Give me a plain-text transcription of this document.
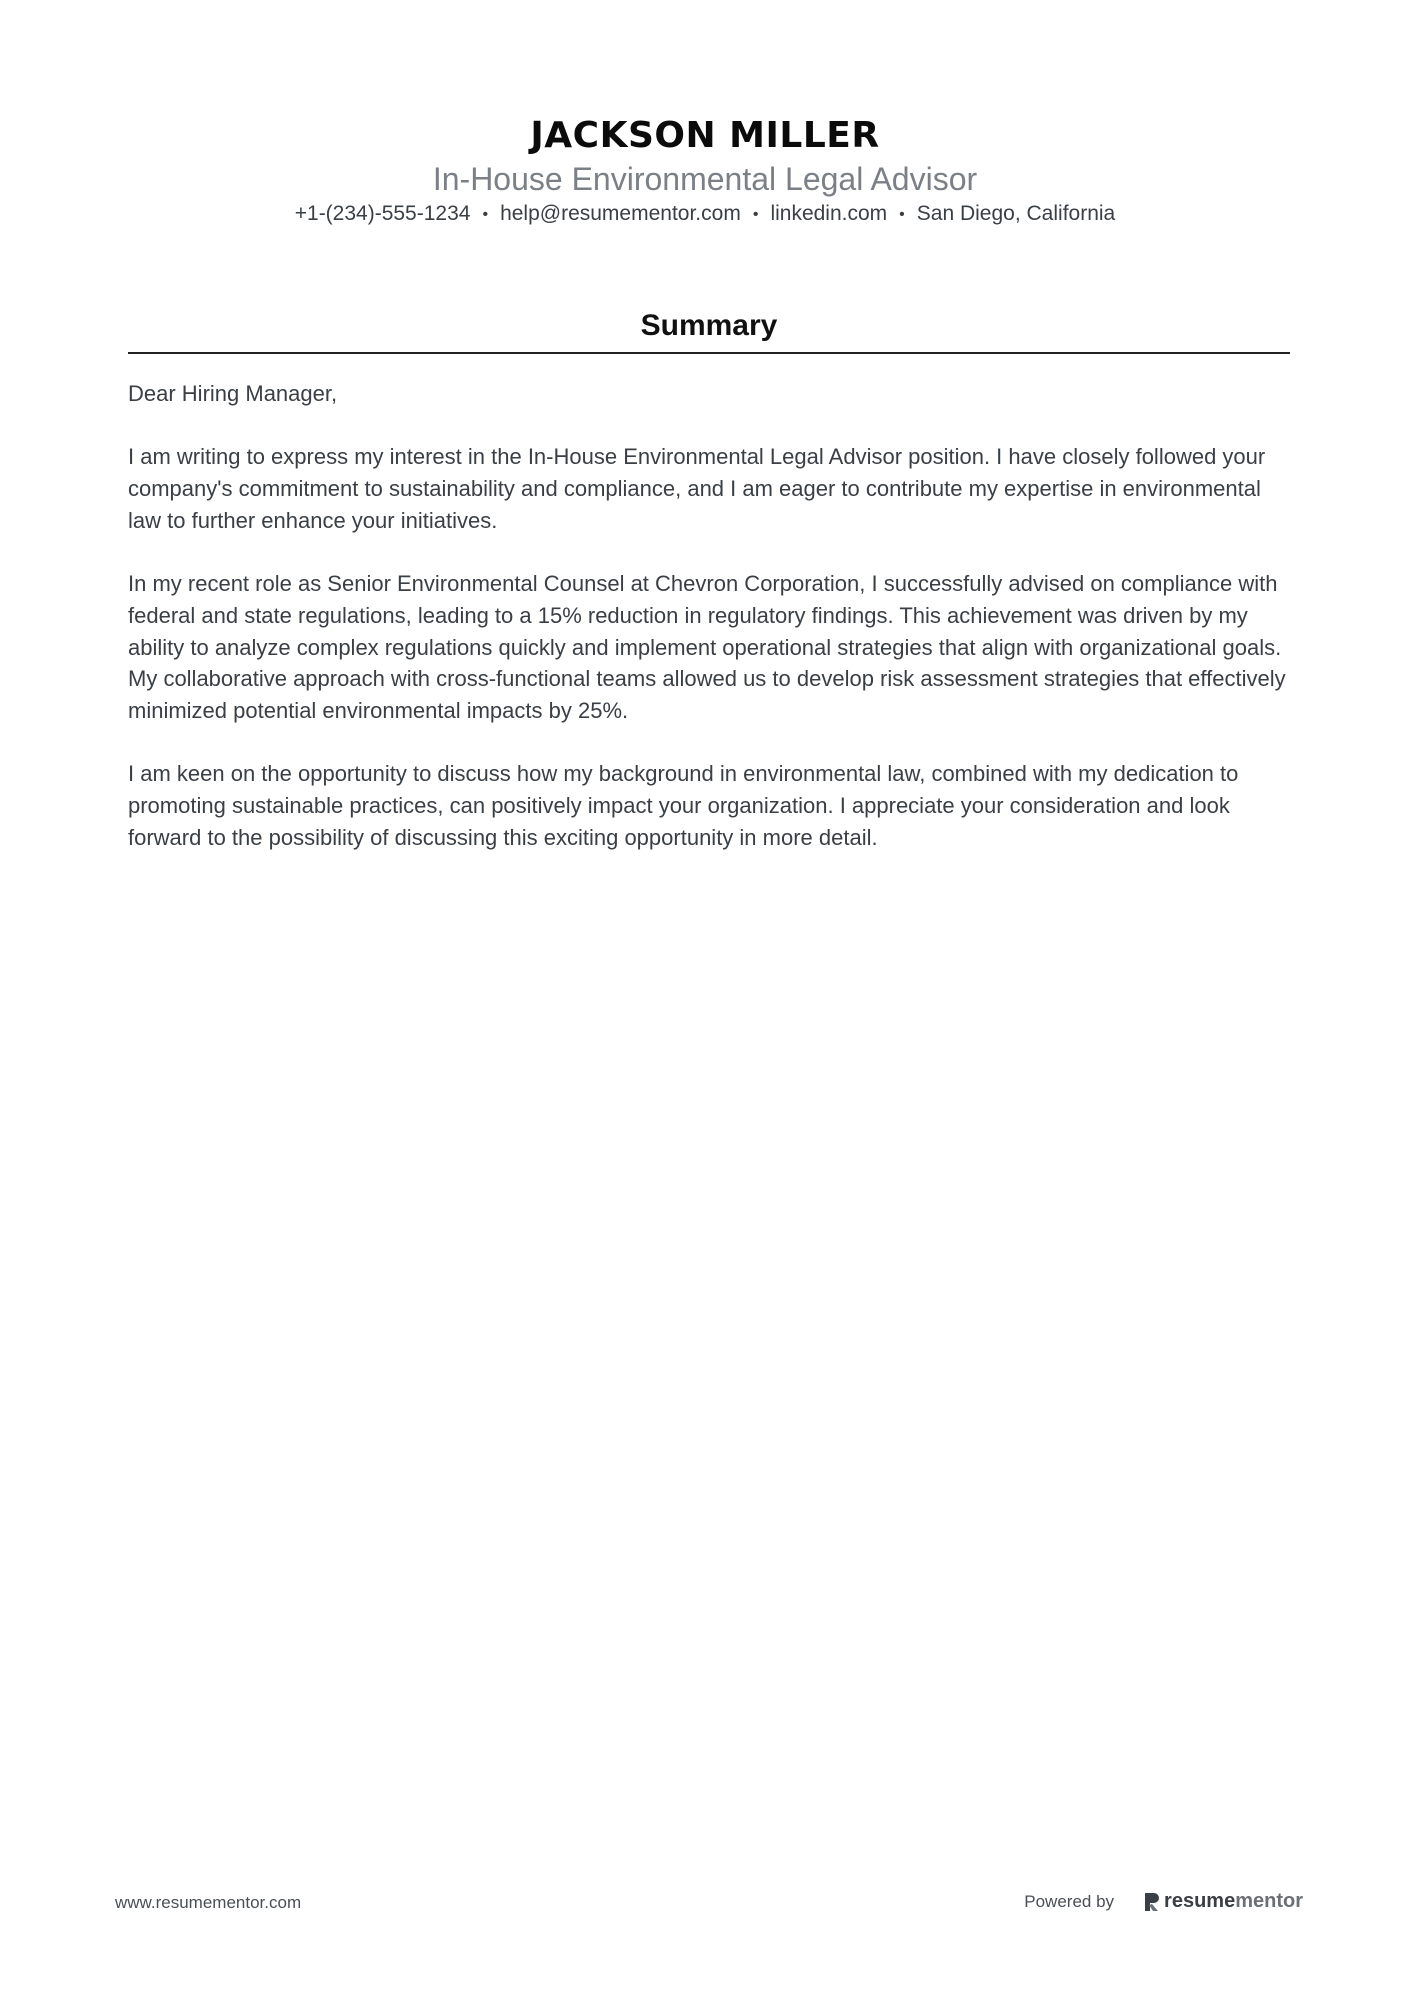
JACKSON MILLER
In-House Environmental Legal Advisor
+1-(234)-555-1234 • help@resumementor.com • linkedin.com • San Diego, California
Summary

Dear Hiring Manager,

I am writing to express my interest in the In-House Environmental Legal Advisor position. I have closely followed your company's commitment to sustainability and compliance, and I am eager to contribute my expertise in environmental law to further enhance your initiatives.

In my recent role as Senior Environmental Counsel at Chevron Corporation, I successfully advised on compliance with federal and state regulations, leading to a 15% reduction in regulatory findings. This achievement was driven by my ability to analyze complex regulations quickly and implement operational strategies that align with organizational goals. My collaborative approach with cross-functional teams allowed us to develop risk assessment strategies that effectively minimized potential environmental impacts by 25%.

I am keen on the opportunity to discuss how my background in environmental law, combined with my dedication to promoting sustainable practices, can positively impact your organization. I appreciate your consideration and look forward to the possibility of discussing this exciting opportunity in more detail.

www.resumementor.com	Powered by	resume mentor
